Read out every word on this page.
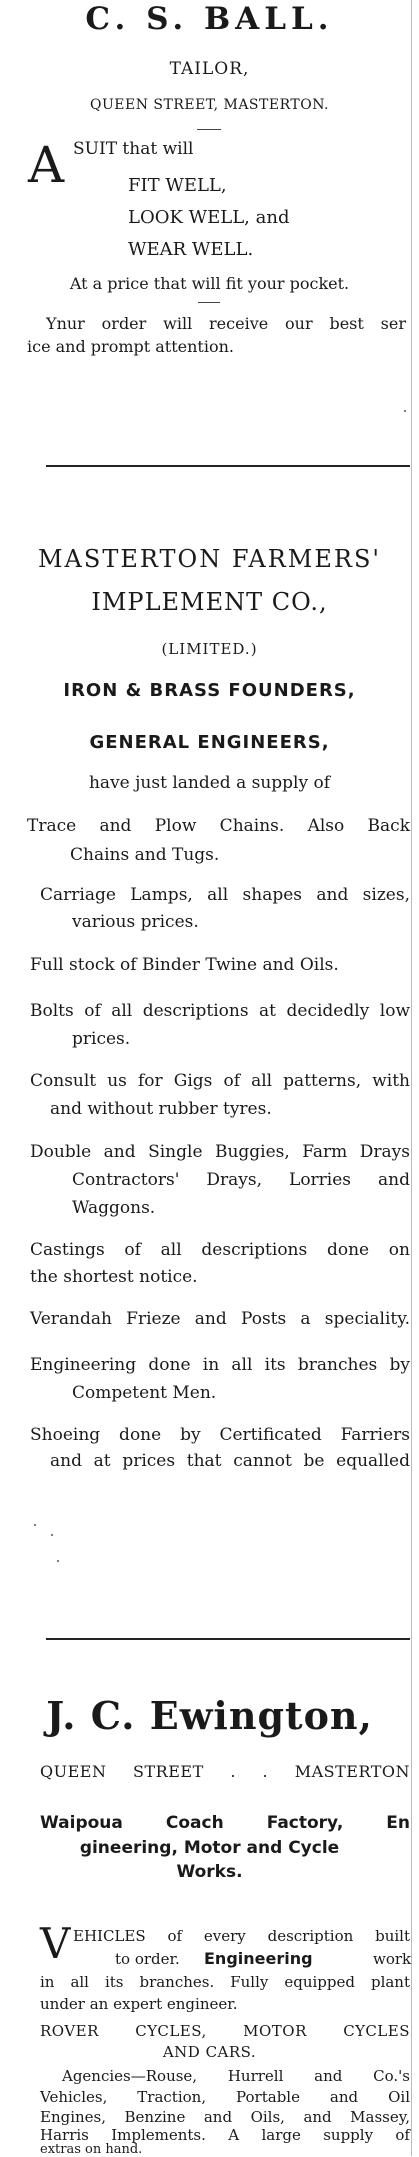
C. S. BALL.
TAILOR,
QUEEN STREET, MASTERTON.
A SUIT that will
FIT WELL,
LOOK WELL, and
WEAR WELL.
At a price that will fit your pocket.
Ynur order will receive our best ser
ice and prompt attention.
MASTERTON FARMERS'
IMPLEMENT CO.,
(LIMITED.)
IRON & BRASS FOUNDERS,
GENERAL ENGINEERS,
have just landed a supply of
Trace and Plow Chains. Also Back
Chains and Tugs.
Carriage Lamps, all shapes and sizes,
various prices.
Full stock of Binder Twine and Oils.
Bolts of all descriptions at decidedly low
prices.
Consult us for Gigs of all patterns, with
and without rubber tyres.
Double and Single Buggies, Farm Drays
Contractors' Drays, Lorries and
Waggons.
Castings of all descriptions done on
the shortest notice.
Verandah Frieze and Posts a speciality.
Engineering done in all its branches by
Competent Men.
Shoeing done by Certificated Farriers
and at prices that cannot be equalled
J. C. Ewington,
QUEEN STREET . . MASTERTON
Waipoua Coach Factory, En
gineering, Motor and Cycle
Works.
V EHICLES of every description built
to order. Engineering	work
in all its branches. Fully equipped plant
under an expert engineer.
ROVER CYCLES, MOTOR CYCLES
AND CARS.
Agencies—Rouse, Hurrell and Co.'s
Vehicles, Traction, Portable and Oil
Engines, Benzine and Oils, and Massey,
Harris Implements. A large supply of
extras on hand.
